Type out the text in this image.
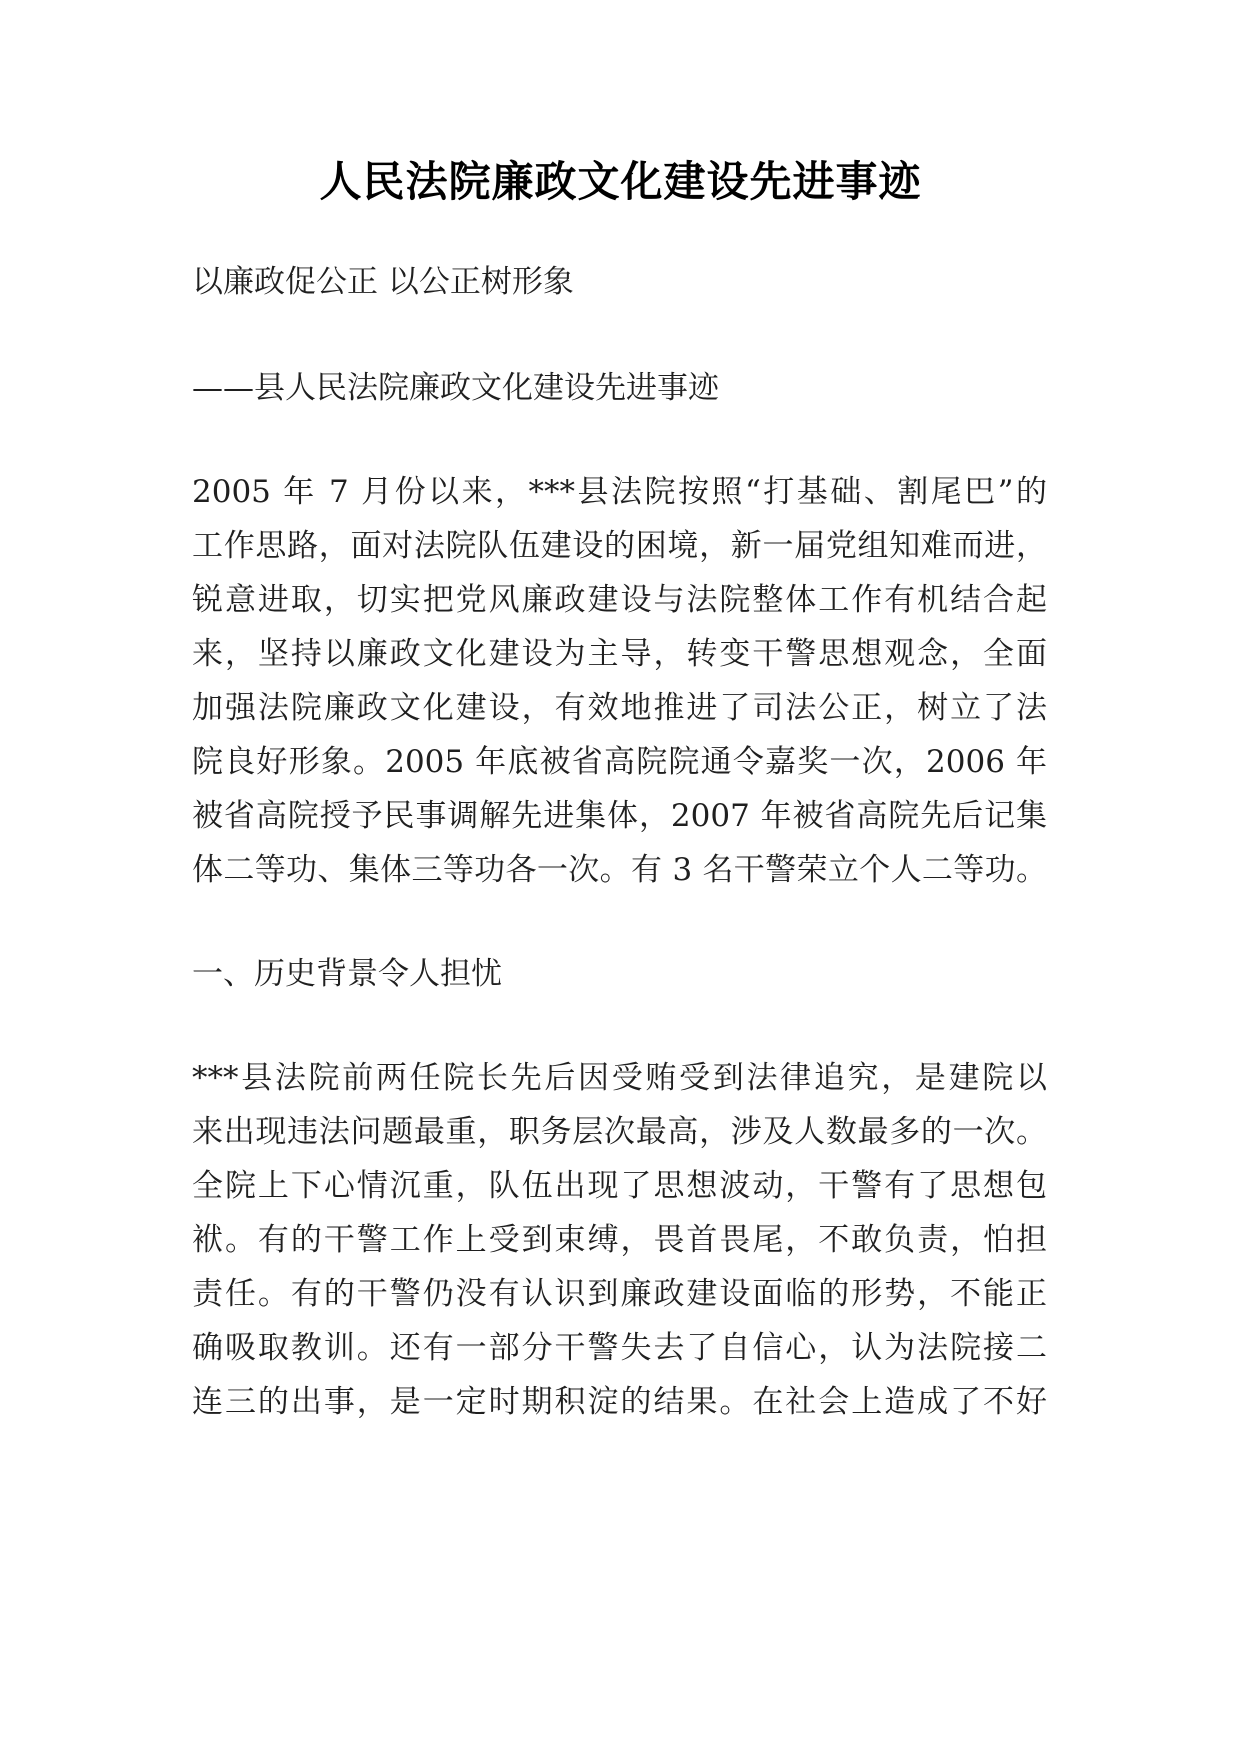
人民法院廉政文化建设先进事迹
以廉政促公正 以公正树形象
——县人民法院廉政文化建设先进事迹
2005 年 7 月份以来，***县法院按照“打基础、割尾巴”的
工作思路，面对法院队伍建设的困境，新一届党组知难而进，
锐意进取，切实把党风廉政建设与法院整体工作有机结合起
来，坚持以廉政文化建设为主导，转变干警思想观念，全面
加强法院廉政文化建设，有效地推进了司法公正，树立了法
院良好形象。2005 年底被省高院院通令嘉奖一次，2006 年
被省高院授予民事调解先进集体，2007 年被省高院先后记集
体二等功、集体三等功各一次。有 3 名干警荣立个人二等功。
一、历史背景令人担忧
***县法院前两任院长先后因受贿受到法律追究，是建院以
来出现违法问题最重，职务层次最高，涉及人数最多的一次。
全院上下心情沉重，队伍出现了思想波动，干警有了思想包
袱。有的干警工作上受到束缚，畏首畏尾，不敢负责，怕担
责任。有的干警仍没有认识到廉政建设面临的形势，不能正
确吸取教训。还有一部分干警失去了自信心，认为法院接二
连三的出事，是一定时期积淀的结果。在社会上造成了不好
